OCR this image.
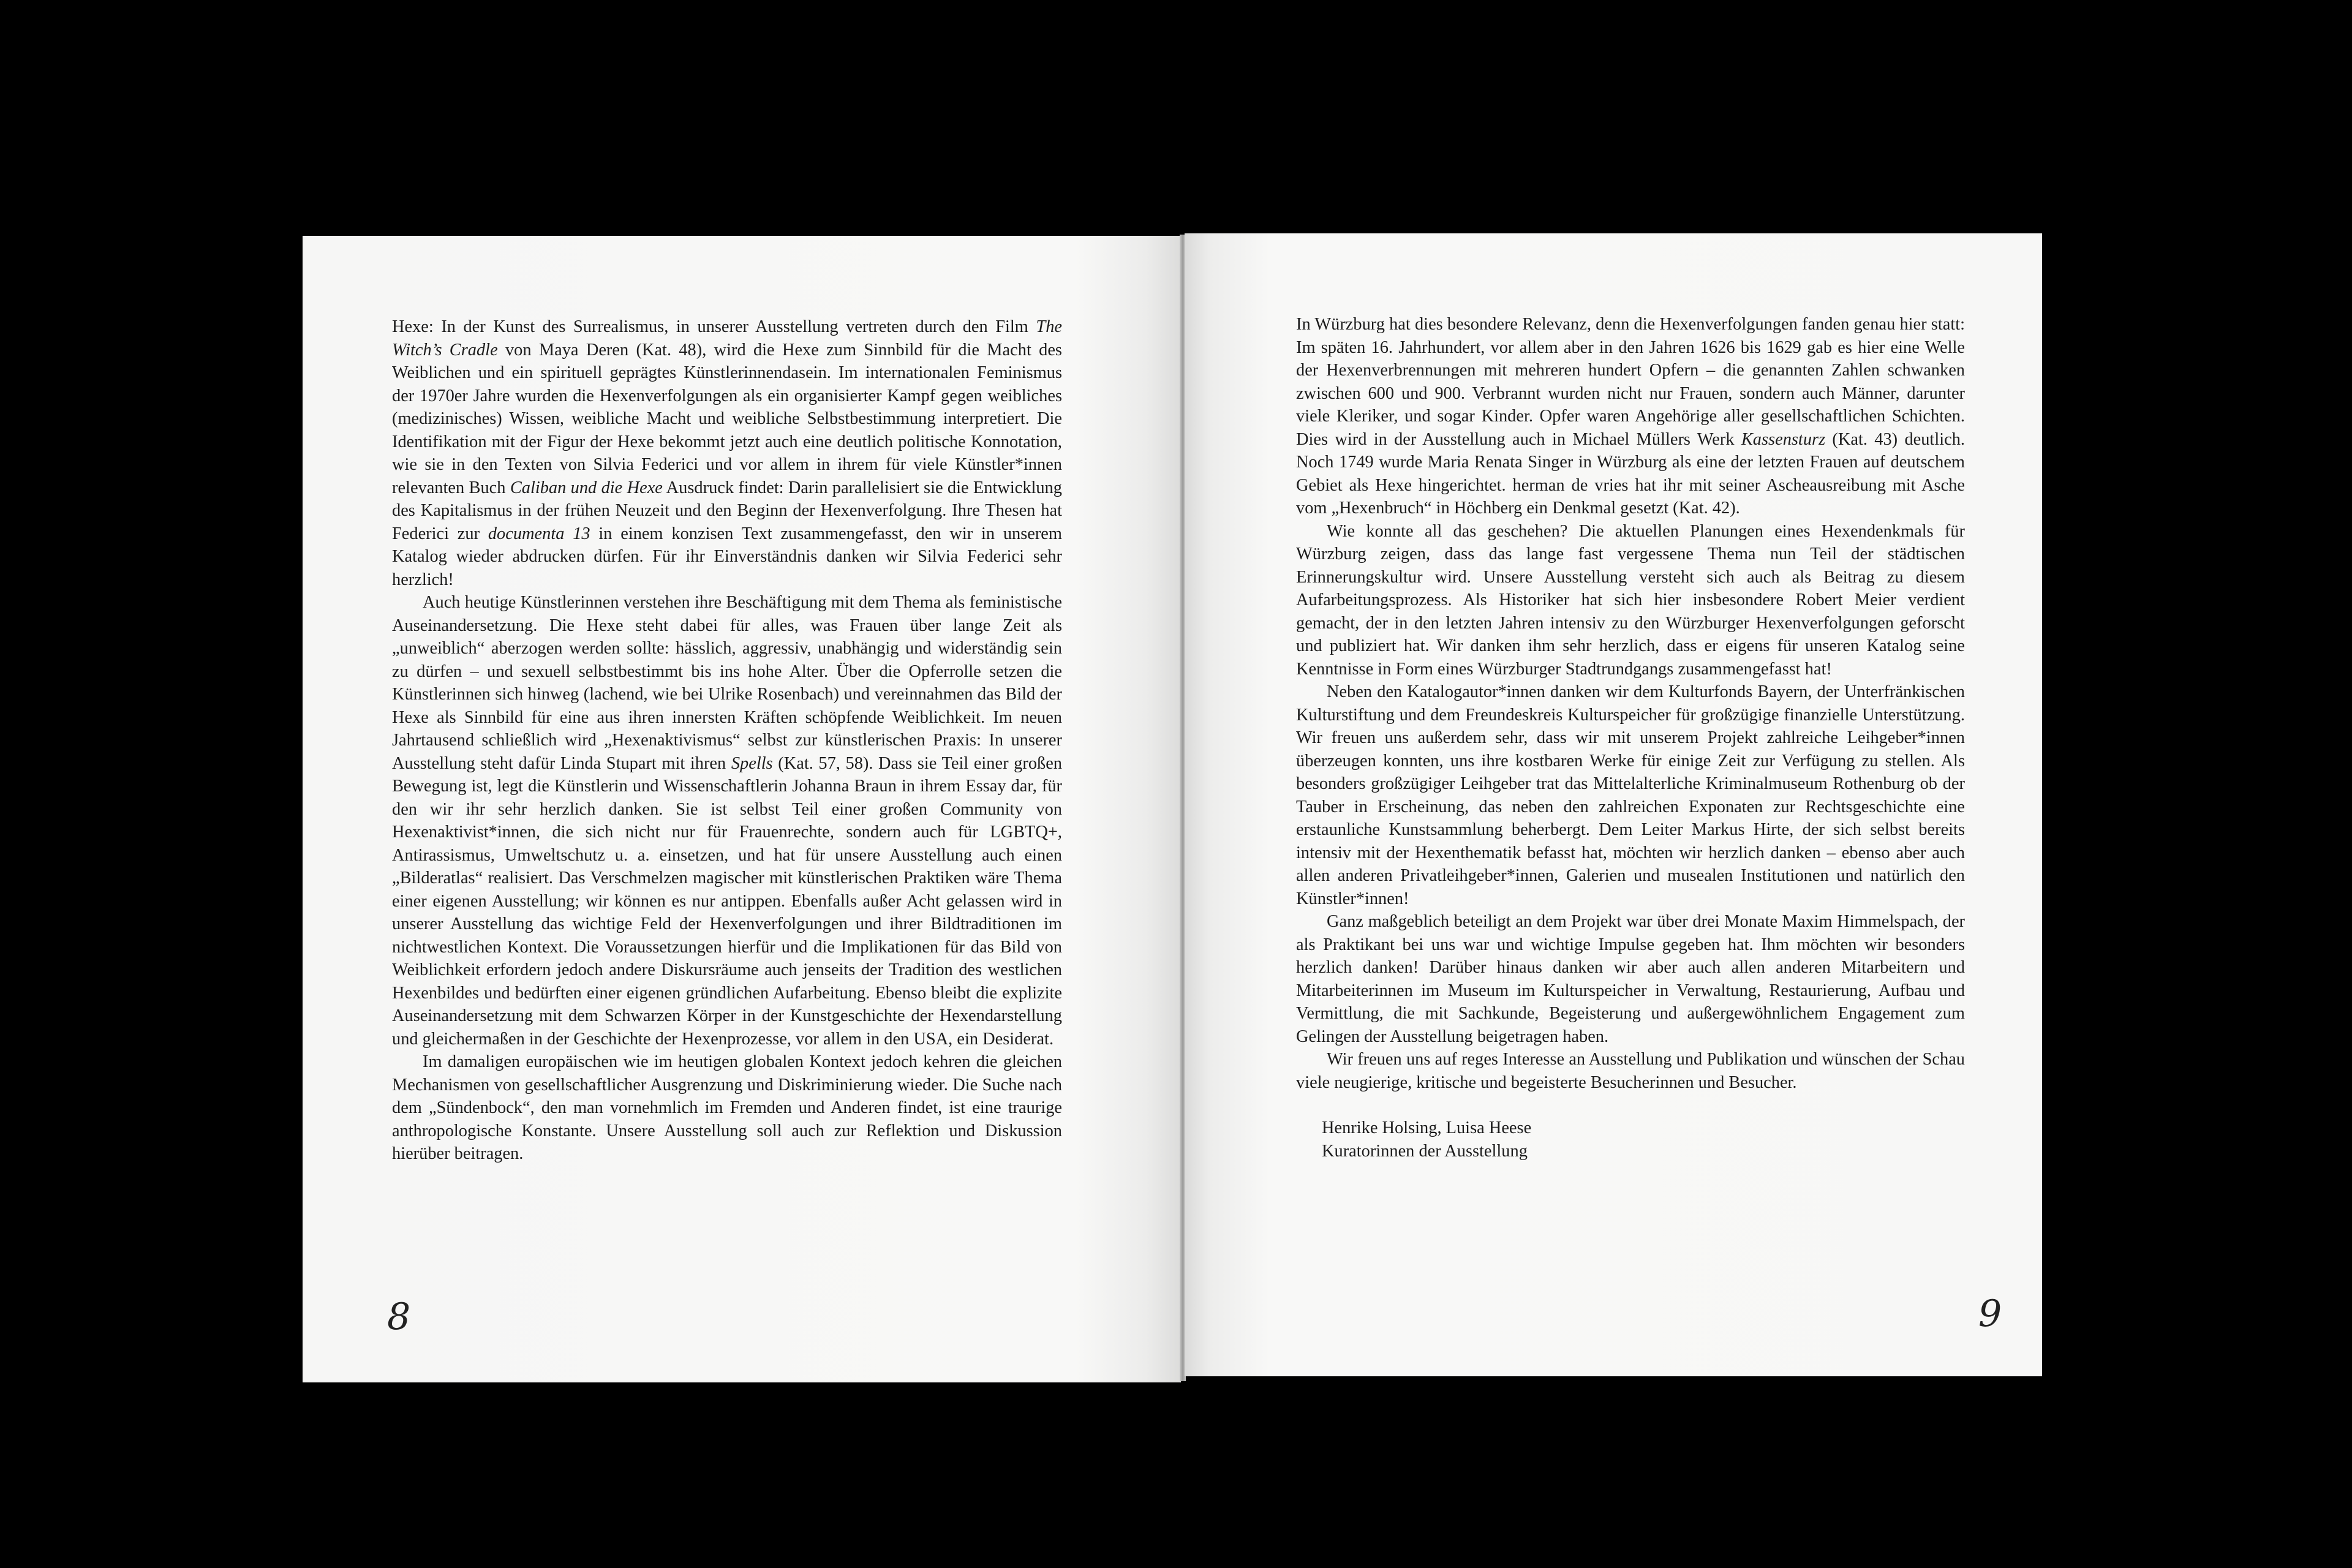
Hexe: In der Kunst des Surrealismus, in unserer Ausstellung vertreten durch den Film The Witch’s Cradle von Maya Deren (Kat. 48), wird die Hexe zum Sinnbild für die Macht des Weiblichen und ein spirituell geprägtes Künstlerinnendasein. Im internationalen Feminismus der 1970er Jahre wurden die Hexenverfolgungen als ein organisierter Kampf gegen weibliches (medizinisches) Wissen, weibliche Macht und weibliche Selbstbestimmung interpretiert. Die Identifikation mit der Figur der Hexe bekommt jetzt auch eine deutlich politische Konnotation, wie sie in den Texten von Silvia Federici und vor allem in ihrem für viele Künstler*innen relevanten Buch Caliban und die Hexe Ausdruck findet: Darin parallelisiert sie die Entwicklung des Kapitalismus in der frühen Neuzeit und den Beginn der Hexenverfolgung. Ihre Thesen hat Federici zur documenta 13 in einem konzisen Text zusammengefasst, den wir in unserem Katalog wieder abdrucken dürfen. Für ihr Einverständnis danken wir Silvia Federici sehr herzlich!

Auch heutige Künstlerinnen verstehen ihre Beschäftigung mit dem Thema als feministische Auseinandersetzung. Die Hexe steht dabei für alles, was Frauen über lange Zeit als „unweiblich“ aberzogen werden sollte: hässlich, aggressiv, unabhängig und widerständig sein zu dürfen – und sexuell selbstbestimmt bis ins hohe Alter. Über die Opferrolle setzen die Künstlerinnen sich hinweg (lachend, wie bei Ulrike Rosenbach) und vereinnahmen das Bild der Hexe als Sinnbild für eine aus ihren innersten Kräften schöpfende Weiblichkeit. Im neuen Jahrtausend schließlich wird „Hexenaktivismus“ selbst zur künstlerischen Praxis: In unserer Ausstellung steht dafür Linda Stupart mit ihren Spells (Kat. 57, 58). Dass sie Teil einer großen Bewegung ist, legt die Künstlerin und Wissenschaftlerin Johanna Braun in ihrem Essay dar, für den wir ihr sehr herzlich danken. Sie ist selbst Teil einer großen Community von Hexenaktivist*innen, die sich nicht nur für Frauenrechte, sondern auch für LGBTQ+, Antirassismus, Umweltschutz u. a. einsetzen, und hat für unsere Ausstellung auch einen „Bilderatlas“ realisiert. Das Verschmelzen magischer mit künstlerischen Praktiken wäre Thema einer eigenen Ausstellung; wir können es nur antippen. Ebenfalls außer Acht gelassen wird in unserer Ausstellung das wichtige Feld der Hexenverfolgungen und ihrer Bildtraditionen im nichtwestlichen Kontext. Die Voraussetzungen hierfür und die Implikationen für das Bild von Weiblichkeit erfordern jedoch andere Diskursräume auch jenseits der Tradition des westlichen Hexenbildes und bedürften einer eigenen gründlichen Aufarbeitung. Ebenso bleibt die explizite Auseinandersetzung mit dem Schwarzen Körper in der Kunstgeschichte der Hexendarstellung und gleichermaßen in der Geschichte der Hexenprozesse, vor allem in den USA, ein Desiderat.

Im damaligen europäischen wie im heutigen globalen Kontext jedoch kehren die gleichen Mechanismen von gesellschaftlicher Ausgrenzung und Diskriminierung wieder. Die Suche nach dem „Sündenbock“, den man vornehmlich im Fremden und Anderen findet, ist eine traurige anthropologische Konstante. Unsere Ausstellung soll auch zur Reflektion und Diskussion hierüber beitragen.

8

In Würzburg hat dies besondere Relevanz, denn die Hexenverfolgungen fanden genau hier statt: Im späten 16. Jahrhundert, vor allem aber in den Jahren 1626 bis 1629 gab es hier eine Welle der Hexenverbrennungen mit mehreren hundert Opfern – die genannten Zahlen schwanken zwischen 600 und 900. Verbrannt wurden nicht nur Frauen, sondern auch Männer, darunter viele Kleriker, und sogar Kinder. Opfer waren Angehörige aller gesellschaftlichen Schichten. Dies wird in der Ausstellung auch in Michael Müllers Werk Kassensturz (Kat. 43) deutlich. Noch 1749 wurde Maria Renata Singer in Würzburg als eine der letzten Frauen auf deutschem Gebiet als Hexe hingerichtet. herman de vries hat ihr mit seiner Ascheausreibung mit Asche vom „Hexenbruch“ in Höchberg ein Denkmal gesetzt (Kat. 42).

Wie konnte all das geschehen? Die aktuellen Planungen eines Hexendenkmals für Würzburg zeigen, dass das lange fast vergessene Thema nun Teil der städtischen Erinnerungskultur wird. Unsere Ausstellung versteht sich auch als Beitrag zu diesem Aufarbeitungsprozess. Als Historiker hat sich hier insbesondere Robert Meier verdient gemacht, der in den letzten Jahren intensiv zu den Würzburger Hexenverfolgungen geforscht und publiziert hat. Wir danken ihm sehr herzlich, dass er eigens für unseren Katalog seine Kenntnisse in Form eines Würzburger Stadtrundgangs zusammengefasst hat!

Neben den Katalogautor*innen danken wir dem Kulturfonds Bayern, der Unterfränkischen Kulturstiftung und dem Freundeskreis Kulturspeicher für großzügige finanzielle Unterstützung. Wir freuen uns außerdem sehr, dass wir mit unserem Projekt zahlreiche Leihgeber*innen überzeugen konnten, uns ihre kostbaren Werke für einige Zeit zur Verfügung zu stellen. Als besonders großzügiger Leihgeber trat das Mittelalterliche Kriminalmuseum Rothenburg ob der Tauber in Erscheinung, das neben den zahlreichen Exponaten zur Rechtsgeschichte eine erstaunliche Kunstsammlung beherbergt. Dem Leiter Markus Hirte, der sich selbst bereits intensiv mit der Hexenthematik befasst hat, möchten wir herzlich danken – ebenso aber auch allen anderen Privatleihgeber*innen, Galerien und musealen Institutionen und natürlich den Künstler*innen!

Ganz maßgeblich beteiligt an dem Projekt war über drei Monate Maxim Himmelspach, der als Praktikant bei uns war und wichtige Impulse gegeben hat. Ihm möchten wir besonders herzlich danken! Darüber hinaus danken wir aber auch allen anderen Mitarbeitern und Mitarbeiterinnen im Museum im Kulturspeicher in Verwaltung, Restaurierung, Aufbau und Vermittlung, die mit Sachkunde, Begeisterung und außergewöhnlichem Engagement zum Gelingen der Ausstellung beigetragen haben.

Wir freuen uns auf reges Interesse an Ausstellung und Publikation und wünschen der Schau viele neugierige, kritische und begeisterte Besucherinnen und Besucher.

Henrike Holsing, Luisa Heese
Kuratorinnen der Ausstellung
9
